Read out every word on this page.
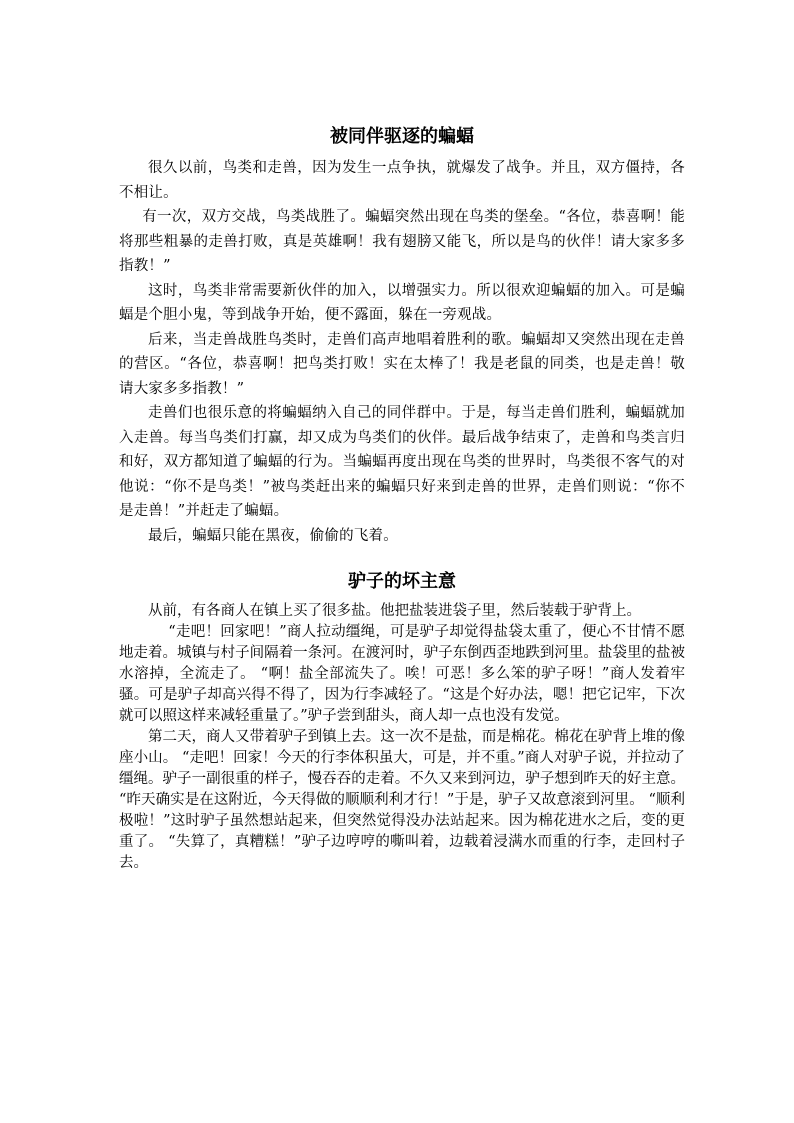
被同伴驱逐的蝙蝠

很久以前，鸟类和走兽，因为发生一点争执，就爆发了战争。并且，双方僵持，各不相让。

有一次，双方交战，鸟类战胜了。蝙蝠突然出现在鸟类的堡垒。“各位，恭喜啊！能将那些粗暴的走兽打败，真是英雄啊！我有翅膀又能飞，所以是鸟的伙伴！请大家多多指教！”

这时，鸟类非常需要新伙伴的加入，以增强实力。所以很欢迎蝙蝠的加入。可是蝙蝠是个胆小鬼，等到战争开始，便不露面，躲在一旁观战。

后来，当走兽战胜鸟类时，走兽们高声地唱着胜利的歌。蝙蝠却又突然出现在走兽的营区。“各位，恭喜啊！把鸟类打败！实在太棒了！我是老鼠的同类，也是走兽！敬请大家多多指教！”

走兽们也很乐意的将蝙蝠纳入自己的同伴群中。于是，每当走兽们胜利，蝙蝠就加入走兽。每当鸟类们打赢，却又成为鸟类们的伙伴。最后战争结束了，走兽和鸟类言归和好，双方都知道了蝙蝠的行为。当蝙蝠再度出现在鸟类的世界时，鸟类很不客气的对他说：“你不是鸟类！”被鸟类赶出来的蝙蝠只好来到走兽的世界，走兽们则说：“你不是走兽！”并赶走了蝙蝠。

最后，蝙蝠只能在黑夜，偷偷的飞着。

驴子的坏主意

从前，有各商人在镇上买了很多盐。他把盐装进袋子里，然后装载于驴背上。

“走吧！回家吧！”商人拉动缰绳，可是驴子却觉得盐袋太重了，便心不甘情不愿地走着。城镇与村子间隔着一条河。在渡河时，驴子东倒西歪地跌到河里。盐袋里的盐被水溶掉，全流走了。 “啊！盐全部流失了。唉！可恶！多么笨的驴子呀！”商人发着牢骚。可是驴子却高兴得不得了，因为行李减轻了。“这是个好办法，嗯！把它记牢，下次就可以照这样来减轻重量了。”驴子尝到甜头，商人却一点也没有发觉。

第二天，商人又带着驴子到镇上去。这一次不是盐，而是棉花。棉花在驴背上堆的像座小山。 “走吧！回家！今天的行李体积虽大，可是，并不重。”商人对驴子说，并拉动了缰绳。驴子一副很重的样子，慢吞吞的走着。不久又来到河边，驴子想到昨天的好主意。 “昨天确实是在这附近，今天得做的顺顺利利才行！”于是，驴子又故意滚到河里。 “顺利极啦！”这时驴子虽然想站起来，但突然觉得没办法站起来。因为棉花进水之后，变的更重了。 “失算了，真糟糕！”驴子边哼哼的嘶叫着，边载着浸满水而重的行李，走回村子去。
